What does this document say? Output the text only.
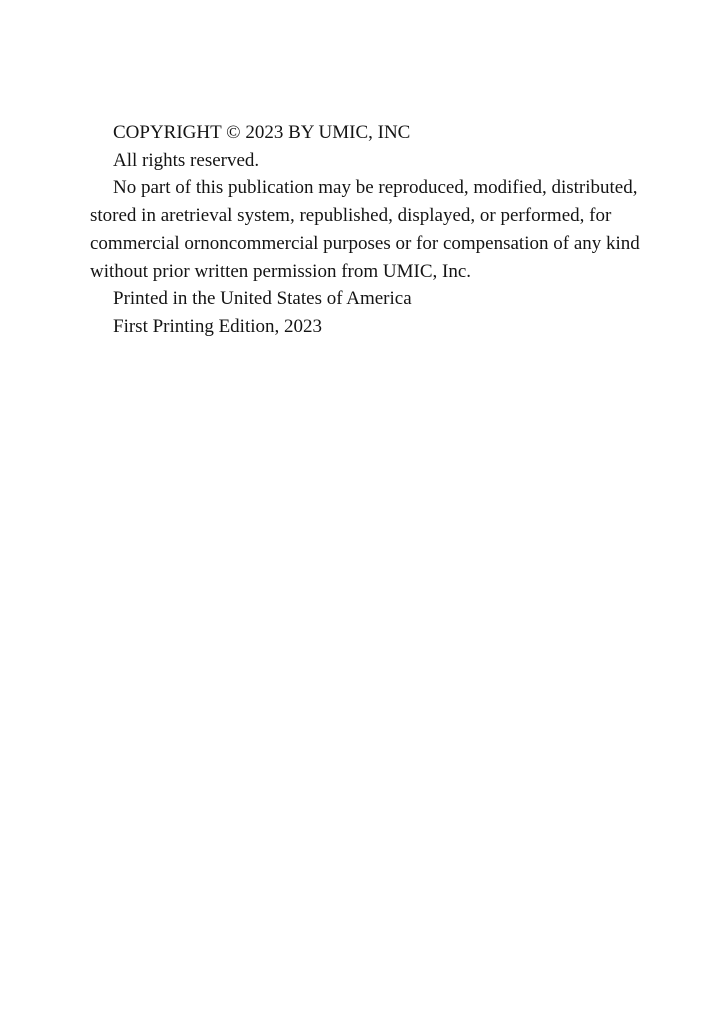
COPYRIGHT © 2023 BY UMIC, INC
All rights reserved.
No part of this publication may be reproduced, modified, distributed,
stored in aretrieval system, republished, displayed, or performed, for
commercial ornoncommercial purposes or for compensation of any kind
without prior written permission from UMIC, Inc.
Printed in the United States of America
First Printing Edition, 2023
